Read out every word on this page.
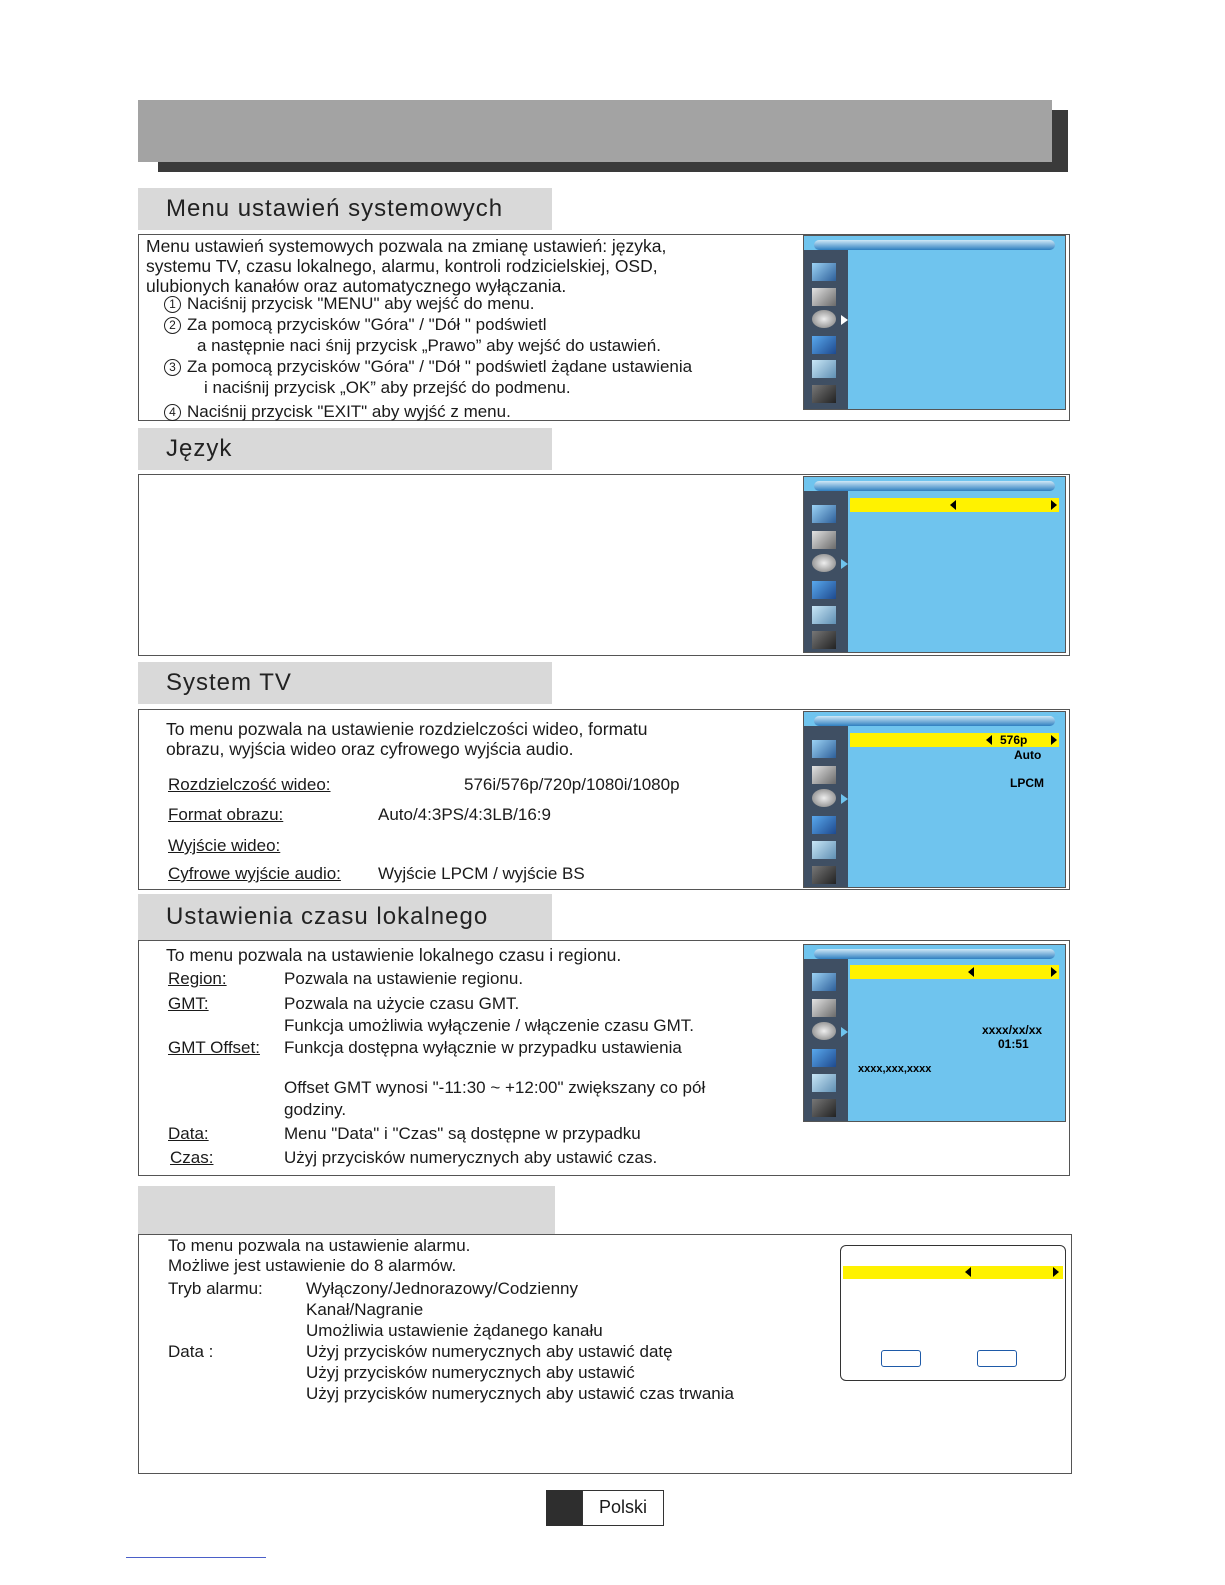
Menu ustawień systemowych
Menu ustawień systemowych pozwala na zmianę ustawień: języka,
systemu TV, czasu lokalnego, alarmu, kontroli rodzicielskiej, OSD,
ulubionych kanałów oraz automatycznego wyłączania.
1 Naciśnij przycisk "MENU" aby wejść do menu.
2 Za pomocą przycisków "Góra" / "Dół " podświetl
a następnie naci śnij przycisk „Prawo” aby wejść do ustawień.
3 Za pomocą przycisków "Góra" / "Dół " podświetl żądane ustawienia
i naciśnij przycisk „OK” aby przejść do podmenu.
4 Naciśnij przycisk "EXIT" aby wyjść z menu.
Język
System TV
To menu pozwala na ustawienie rozdzielczości wideo, formatu
obrazu, wyjścia wideo oraz cyfrowego wyjścia audio.
Rozdzielczość wideo:	576i/576p/720p/1080i/1080p
Format obrazu:	Auto/4:3PS/4:3LB/16:9
Wyjście wideo:
Cyfrowe wyjście audio: Wyjście LPCM / wyjście BS
576p
Auto
LPCM
Ustawienia czasu lokalnego
To menu pozwala na ustawienie lokalnego czasu i regionu.
Region:	Pozwala na ustawienie regionu.
GMT:	Pozwala na użycie czasu GMT.
Funkcja umożliwia wyłączenie / włączenie czasu GMT.
GMT Offset: Funkcja dostępna wyłącznie w przypadku ustawienia
Offset GMT wynosi "-11:30 ~ +12:00" zwiększany co pół
godziny.
Data:	Menu "Data" i "Czas" są dostępne w przypadku
Czas:	Użyj przycisków numerycznych aby ustawić czas.
xxxx/xx/xx
01:51
xxxx,xxx,xxxx
To menu pozwala na ustawienie alarmu.
Możliwe jest ustawienie do 8 alarmów.
Tryb alarmu:	Wyłączony/Jednorazowy/Codzienny
Kanał/Nagranie
Umożliwia ustawienie żądanego kanału
Data :	Użyj przycisków numerycznych aby ustawić datę
Użyj przycisków numerycznych aby ustawić
Użyj przycisków numerycznych aby ustawić czas trwania
Polski
